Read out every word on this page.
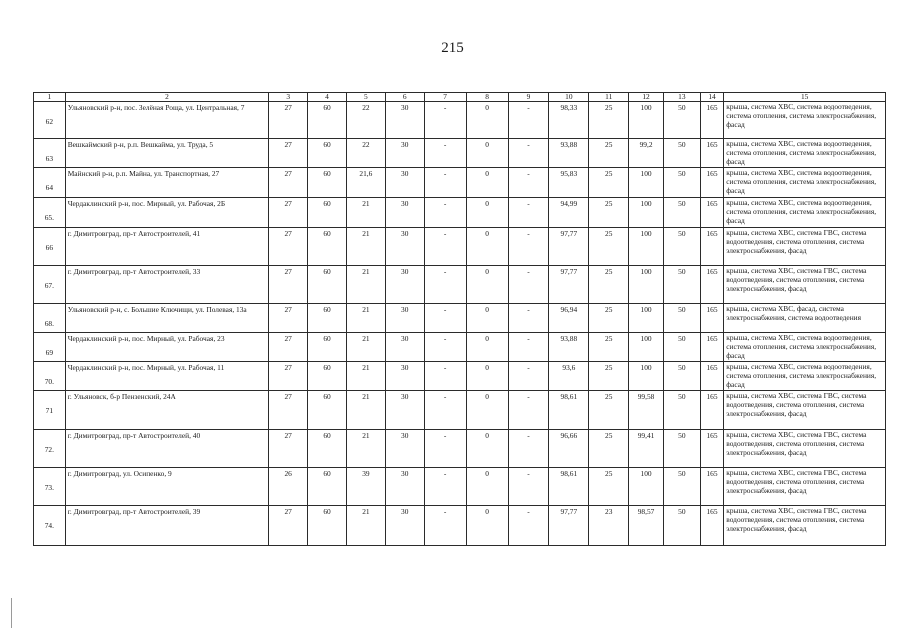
215
1	2	3	4	5	6	7	8	9	10	11	12	13	14	15
62	Ульяновский р-н, пос. Зелёная Роща, ул. Центральная, 7	27	60	22	30	-	0	-	98,33	25	100	50	165	крыша, система ХВС, система водоотведения, система отопления, система электроснабжения, фасад
63	Вешкаймский р-н, р.п. Вешкайма, ул. Труда, 5	27	60	22	30	-	0	-	93,88	25	99,2	50	165	крыша, система ХВС, система водоотведения, система отопления, система электроснабжения, фасад
64	Майнский р-н, р.п. Майна, ул. Транспортная, 27	27	60	21,6	30	-	0	-	95,83	25	100	50	165	крыша, система ХВС, система водоотведения, система отопления, система электроснабжения, фасад
65.	Чердаклинский р-н, пос. Мирный, ул. Рабочая, 2Б	27	60	21	30	-	0	-	94,99	25	100	50	165	крыша, система ХВС, система водоотведения, система отопления, система электроснабжения, фасад
66	г. Димитровград, пр-т Автостроителей, 41	27	60	21	30	-	0	-	97,77	25	100	50	165	крыша, система ХВС, система ГВС, система водоотведения, система отопления, система электроснабжения, фасад
67.	г. Димитровград, пр-т Автостроителей, 33	27	60	21	30	-	0	-	97,77	25	100	50	165	крыша, система ХВС, система ГВС, система водоотведения, система отопления, система электроснабжения, фасад
68.	Ульяновский р-н, с. Большие Ключищи, ул. Полевая, 13а	27	60	21	30	-	0	-	96,94	25	100	50	165	крыша, система ХВС, фасад, система электроснабжения, система водоотведения
69	Чердаклинский р-н, пос. Мирный, ул. Рабочая, 23	27	60	21	30	-	0	-	93,88	25	100	50	165	крыша, система ХВС, система водоотведения, система отопления, система электроснабжения, фасад
70.	Чердаклинский р-н, пос. Мирный, ул. Рабочая, 11	27	60	21	30	-	0	-	93,6	25	100	50	165	крыша, система ХВС, система водоотведения, система отопления, система электроснабжения, фасад
71	г. Ульяновск, б-р Пензенский, 24А	27	60	21	30	-	0	-	98,61	25	99,58	50	165	крыша, система ХВС, система ГВС, система водоотведения, система отопления, система электроснабжения, фасад
72.	г. Димитровград, пр-т Автостроителей, 40	27	60	21	30	-	0	-	96,66	25	99,41	50	165	крыша, система ХВС, система ГВС, система водоотведения, система отопления, система электроснабжения, фасад
73.	г. Димитровград, ул. Осипенко, 9	26	60	39	30	-	0	-	98,61	25	100	50	165	крыша, система ХВС, система ГВС, система водоотведения, система отопления, система электроснабжения, фасад
74.	г. Димитровград, пр-т Автостроителей, 39	27	60	21	30	-	0	-	97,77	23	98,57	50	165	крыша, система ХВС, система ГВС, система водоотведения, система отопления, система электроснабжения, фасад
